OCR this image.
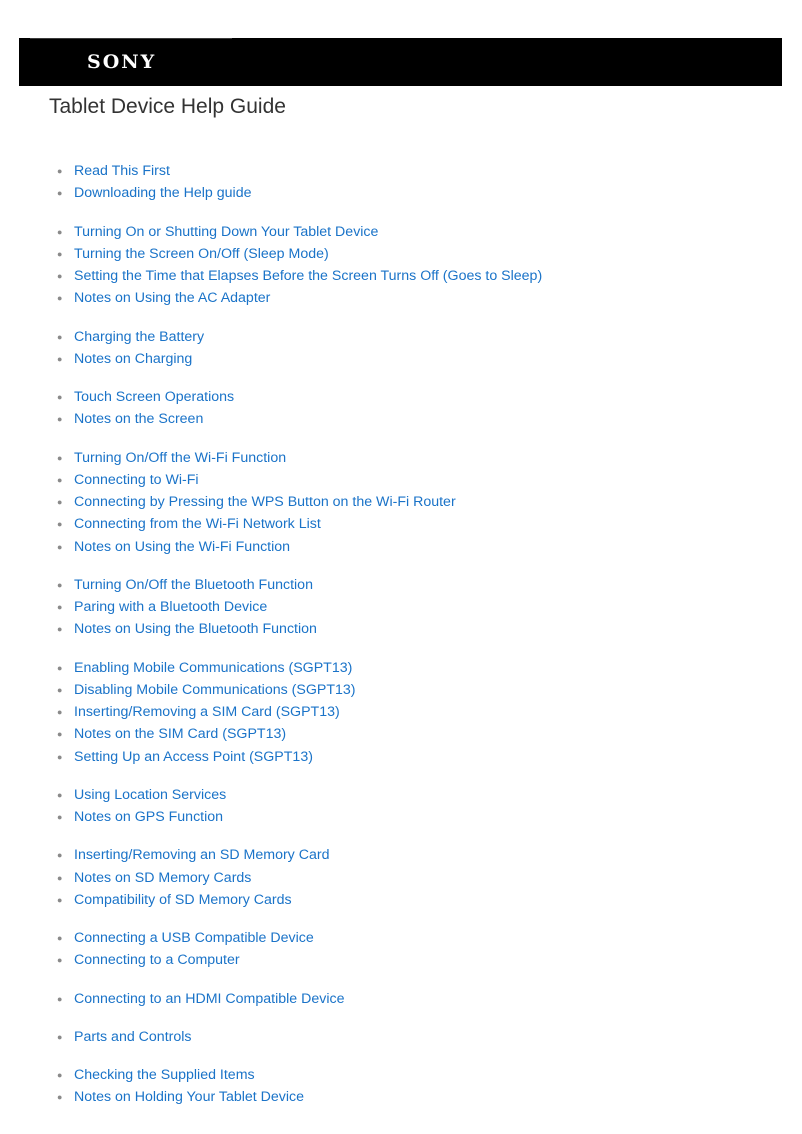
SONY
Tablet Device Help Guide
● Read This First
● Downloading the Help guide
● Turning On or Shutting Down Your Tablet Device
● Turning the Screen On/Off (Sleep Mode)
● Setting the Time that Elapses Before the Screen Turns Off (Goes to Sleep)
● Notes on Using the AC Adapter
● Charging the Battery
● Notes on Charging
● Touch Screen Operations
● Notes on the Screen
● Turning On/Off the Wi-Fi Function
● Connecting to Wi-Fi
● Connecting by Pressing the WPS Button on the Wi-Fi Router
● Connecting from the Wi-Fi Network List
● Notes on Using the Wi-Fi Function
● Turning On/Off the Bluetooth Function
● Paring with a Bluetooth Device
● Notes on Using the Bluetooth Function
● Enabling Mobile Communications (SGPT13)
● Disabling Mobile Communications (SGPT13)
● Inserting/Removing a SIM Card (SGPT13)
● Notes on the SIM Card (SGPT13)
● Setting Up an Access Point (SGPT13)
● Using Location Services
● Notes on GPS Function
● Inserting/Removing an SD Memory Card
● Notes on SD Memory Cards
● Compatibility of SD Memory Cards
● Connecting a USB Compatible Device
● Connecting to a Computer
● Connecting to an HDMI Compatible Device
● Parts and Controls
● Checking the Supplied Items
● Notes on Holding Your Tablet Device
